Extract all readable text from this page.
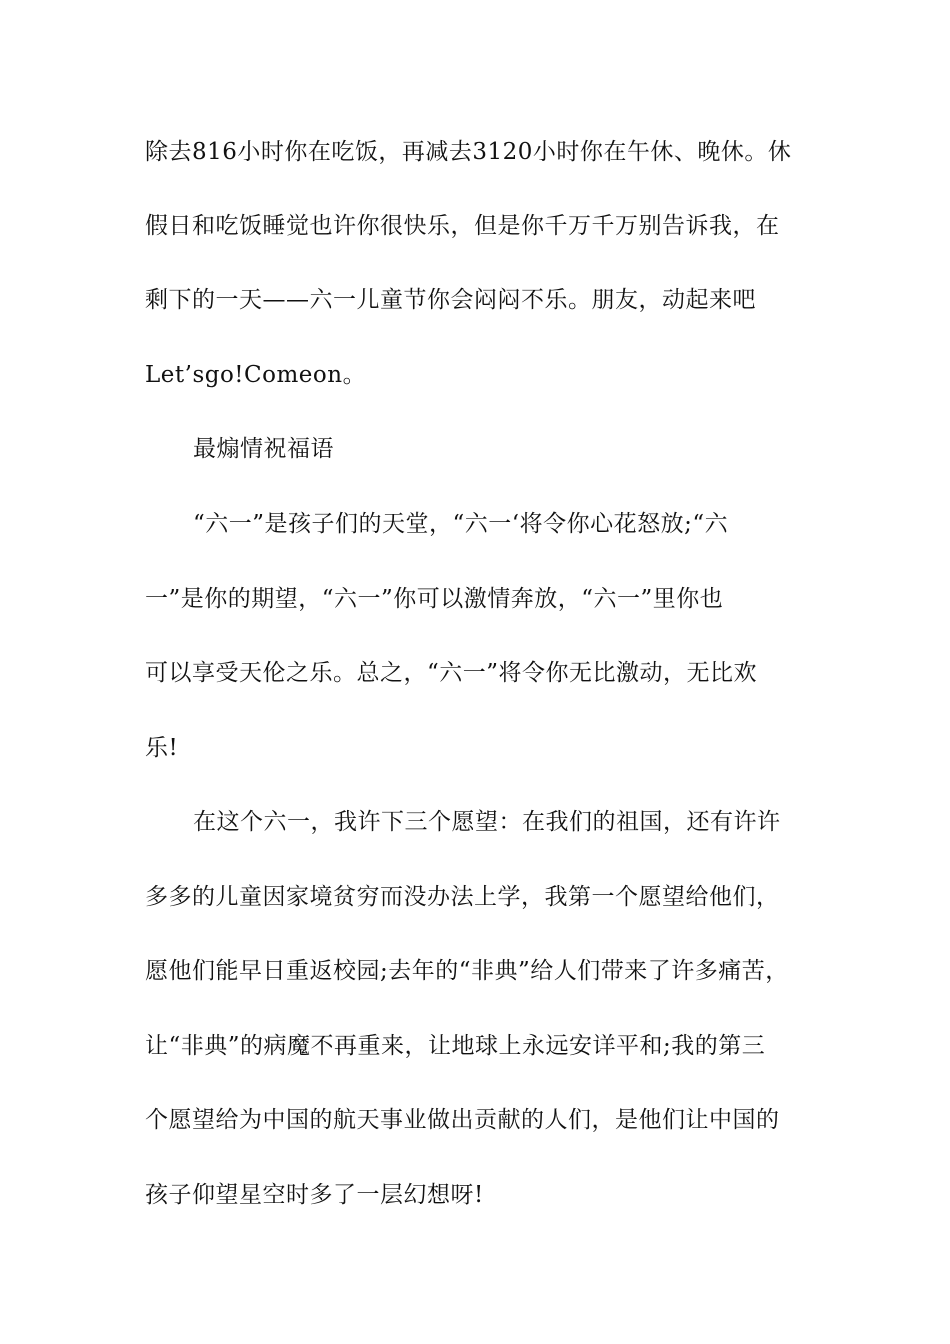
除去816小时你在吃饭，再减去3120小时你在午休、晚休。休
假日和吃饭睡觉也许你很快乐，但是你千万千万别告诉我，在
剩下的一天——六一儿童节你会闷闷不乐。朋友，动起来吧
Let’sgo!Comeon。
最煽情祝福语
“六一”是孩子们的天堂，“六一‘将令你心花怒放;“六
一”是你的期望，“六一”你可以激情奔放，“六一”里你也
可以享受天伦之乐。总之，“六一”将令你无比激动，无比欢
乐!
在这个六一，我许下三个愿望：在我们的祖国，还有许许
多多的儿童因家境贫穷而没办法上学，我第一个愿望给他们，
愿他们能早日重返校园;去年的“非典”给人们带来了许多痛苦，
让“非典”的病魔不再重来，让地球上永远安详平和;我的第三
个愿望给为中国的航天事业做出贡献的人们，是他们让中国的
孩子仰望星空时多了一层幻想呀!
